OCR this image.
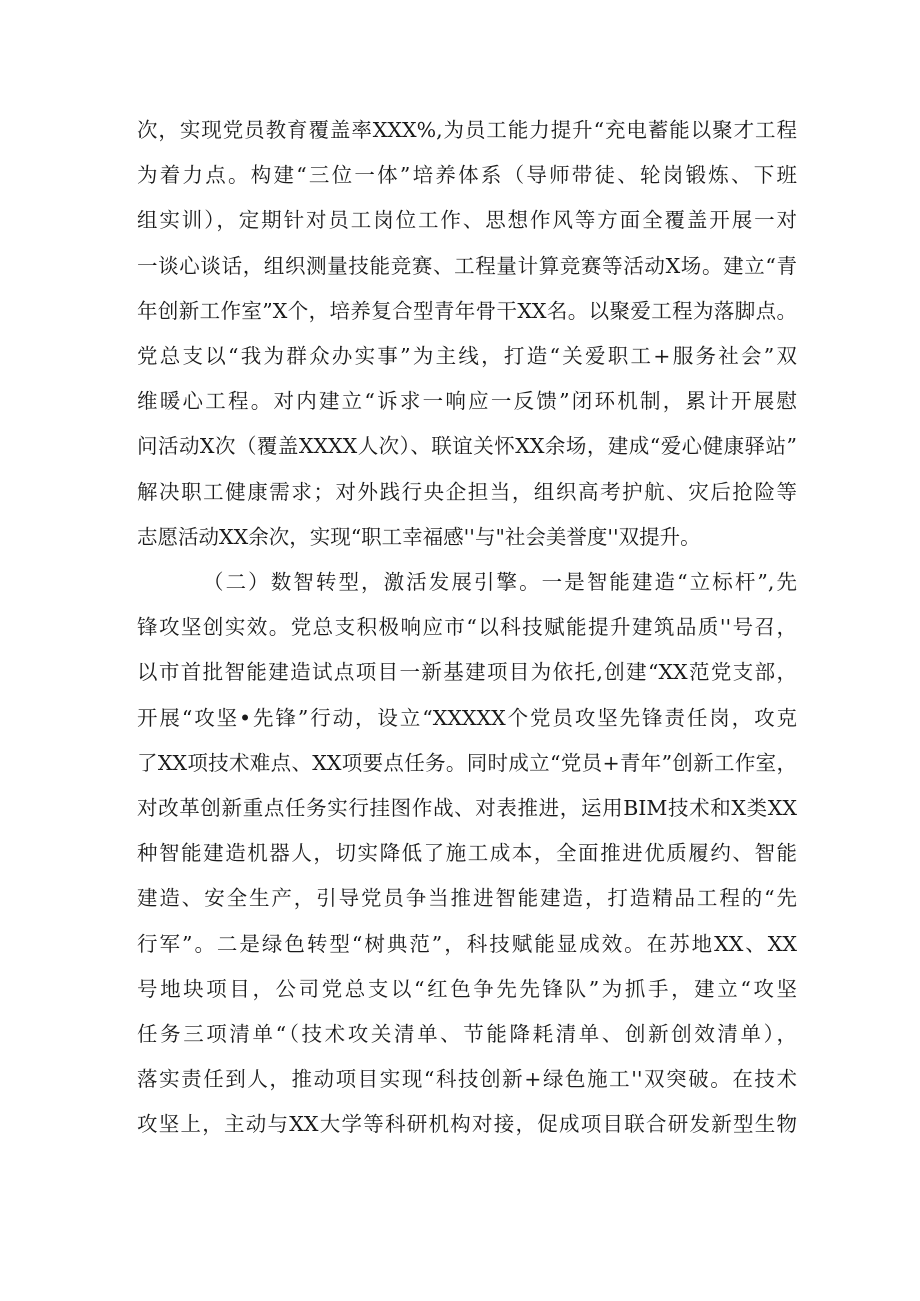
次，实现党员教育覆盖率XXX%,为员工能力提升“充电蓄能以聚才工程
为着力点。构建“三位一体”培养体系（导师带徒、轮岗锻炼、下班
组实训），定期针对员工岗位工作、思想作风等方面全覆盖开展一对
一谈心谈话，组织测量技能竞赛、工程量计算竞赛等活动X场。建立“青
年创新工作室”X个，培养复合型青年骨干XX名。以聚爱工程为落脚点。
党总支以“我为群众办实事”为主线，打造“关爱职工+服务社会”双
维暖心工程。对内建立“诉求一响应一反馈”闭环机制，累计开展慰
问活动X次（覆盖XXXX人次）、联谊关怀XX余场，建成“爱心健康驿站”
解决职工健康需求；对外践行央企担当，组织高考护航、灾后抢险等
志愿活动XX余次，实现“职工幸福感''与"社会美誉度''双提升。
（二）数智转型，激活发展引擎。一是智能建造“立标杆”,先
锋攻坚创实效。党总支积极响应市“以科技赋能提升建筑品质''号召，
以市首批智能建造试点项目一新基建项目为依托,创建“XX范党支部，
开展“攻坚•先锋”行动，设立“XXXXX个党员攻坚先锋责任岗，攻克
了XX项技术难点、XX项要点任务。同时成立“党员+青年”创新工作室，
对改革创新重点任务实行挂图作战、对表推进，运用BIM技术和X类XX
种智能建造机器人，切实降低了施工成本，全面推进优质履约、智能
建造、安全生产，引导党员争当推进智能建造，打造精品工程的“先
行军”。二是绿色转型“树典范”，科技赋能显成效。在苏地XX、XX
号地块项目，公司党总支以“红色争先先锋队”为抓手，建立“攻坚
任务三项清单“（技术攻关清单、节能降耗清单、创新创效清单），
落实责任到人，推动项目实现“科技创新+绿色施工''双突破。在技术
攻坚上，主动与XX大学等科研机构对接，促成项目联合研发新型生物
